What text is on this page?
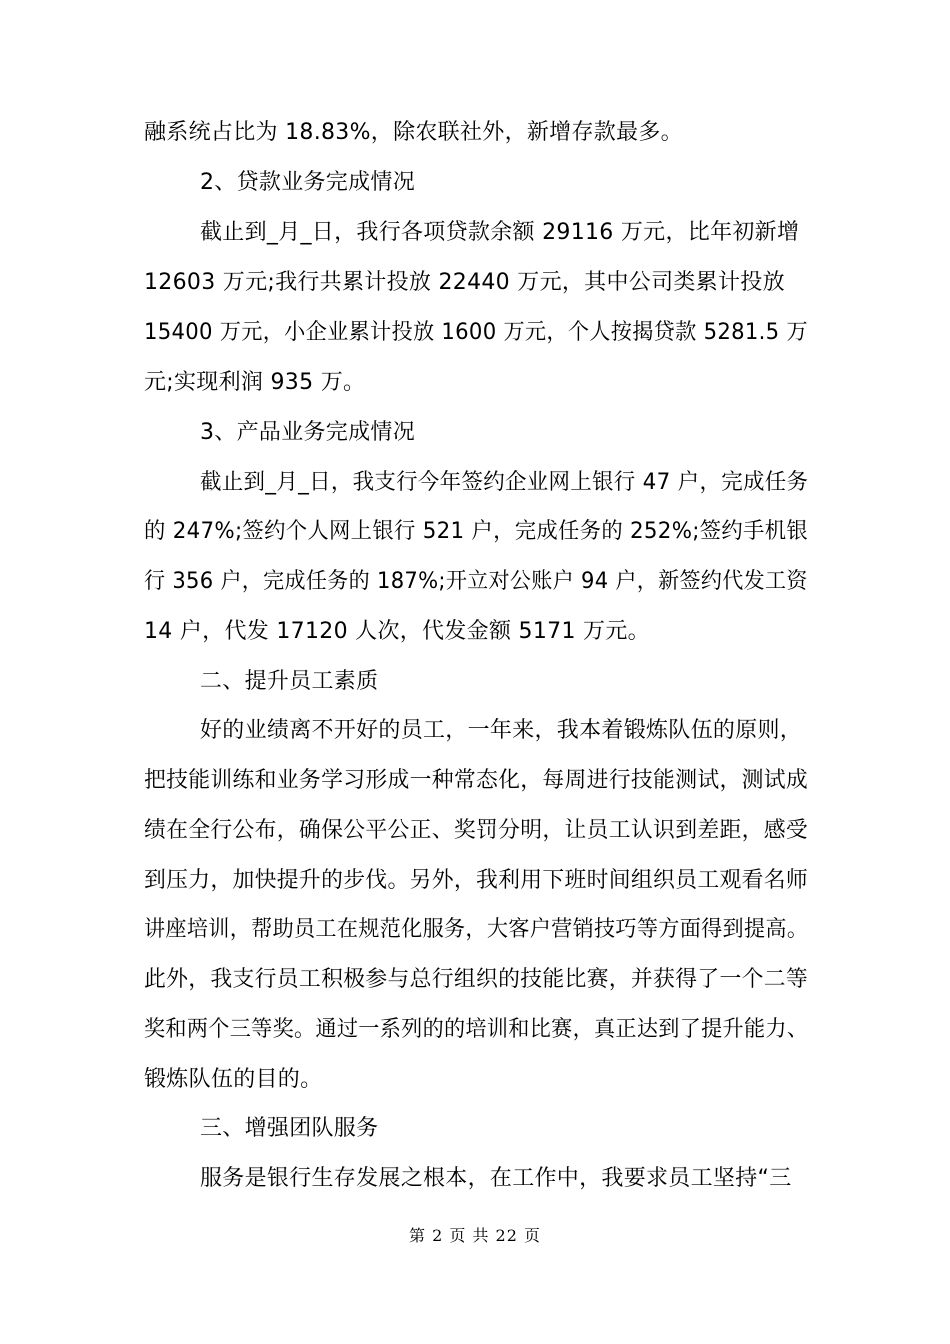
融系统占比为 18.83%，除农联社外，新增存款最多。
2、贷款业务完成情况
截止到_月_日，我行各项贷款余额 29116 万元，比年初新增
12603 万元;我行共累计投放 22440 万元，其中公司类累计投放
15400 万元，小企业累计投放 1600 万元，个人按揭贷款 5281.5 万
元;实现利润 935 万。
3、产品业务完成情况
截止到_月_日，我支行今年签约企业网上银行 47 户，完成任务
的 247%;签约个人网上银行 521 户，完成任务的 252%;签约手机银
行 356 户，完成任务的 187%;开立对公账户 94 户，新签约代发工资
14 户，代发 17120 人次，代发金额 5171 万元。
二、提升员工素质
好的业绩离不开好的员工，一年来，我本着锻炼队伍的原则，
把技能训练和业务学习形成一种常态化，每周进行技能测试，测试成
绩在全行公布，确保公平公正、奖罚分明，让员工认识到差距，感受
到压力，加快提升的步伐。另外，我利用下班时间组织员工观看名师
讲座培训，帮助员工在规范化服务，大客户营销技巧等方面得到提高。
此外，我支行员工积极参与总行组织的技能比赛，并获得了一个二等
奖和两个三等奖。通过一系列的的培训和比赛，真正达到了提升能力、
锻炼队伍的目的。
三、增强团队服务
服务是银行生存发展之根本，在工作中，我要求员工坚持“三
第 2 页 共 22 页
